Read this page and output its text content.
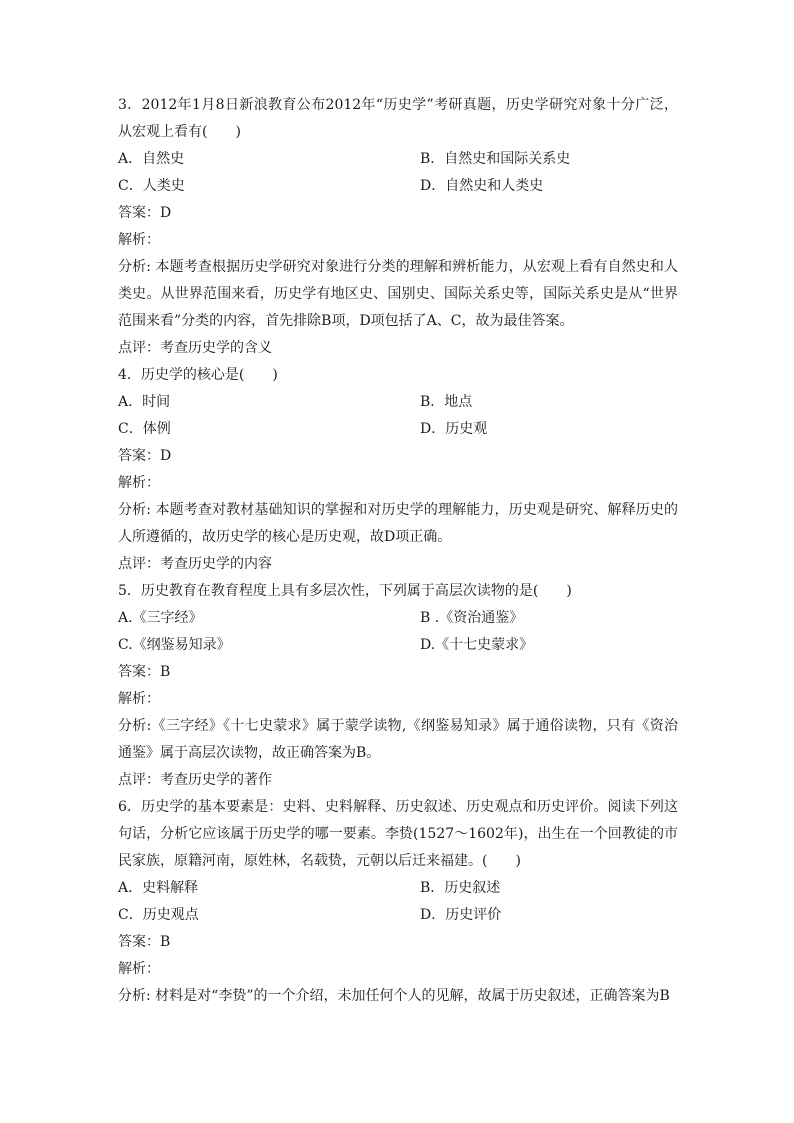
3．2012年1月8日新浪教育公布2012年“历史学”考研真题，历史学研究对象十分广泛，从宏观上看有(　　)
A．自然史	B．自然史和国际关系史
C．人类史	D．自然史和人类史
答案：D
解析：
分析: 本题考查根据历史学研究对象进行分类的理解和辨析能力，从宏观上看有自然史和人类史。从世界范围来看，历史学有地区史、国别史、国际关系史等，国际关系史是从“世界范围来看”分类的内容，首先排除B项，D项包括了A、C，故为最佳答案。
点评：考查历史学的含义
4．历史学的核心是(　　)
A．时间	B．地点
C．体例	D．历史观
答案：D
解析：
分析: 本题考查对教材基础知识的掌握和对历史学的理解能力，历史观是研究、解释历史的人所遵循的，故历史学的核心是历史观，故D项正确。
点评：考查历史学的内容
5．历史教育在教育程度上具有多层次性，下列属于高层次读物的是(　　)
A.《三字经》	B .《资治通鉴》
C.《纲鉴易知录》	D.《十七史蒙求》
答案：B
解析：
分析:《三字经》《十七史蒙求》属于蒙学读物,《纲鉴易知录》属于通俗读物，只有《资治通鉴》属于高层次读物，故正确答案为B。
点评：考查历史学的著作
6．历史学的基本要素是：史料、史料解释、历史叙述、历史观点和历史评价。阅读下列这句话，分析它应该属于历史学的哪一要素。李贽(1527～1602年)，出生在一个回教徒的市民家族，原籍河南，原姓林，名载贽，元朝以后迁来福建。(　　)
A．史料解释	B．历史叙述
C．历史观点	D．历史评价
答案：B
解析：
分析: 材料是对“李贽”的一个介绍，未加任何个人的见解，故属于历史叙述，正确答案为B
